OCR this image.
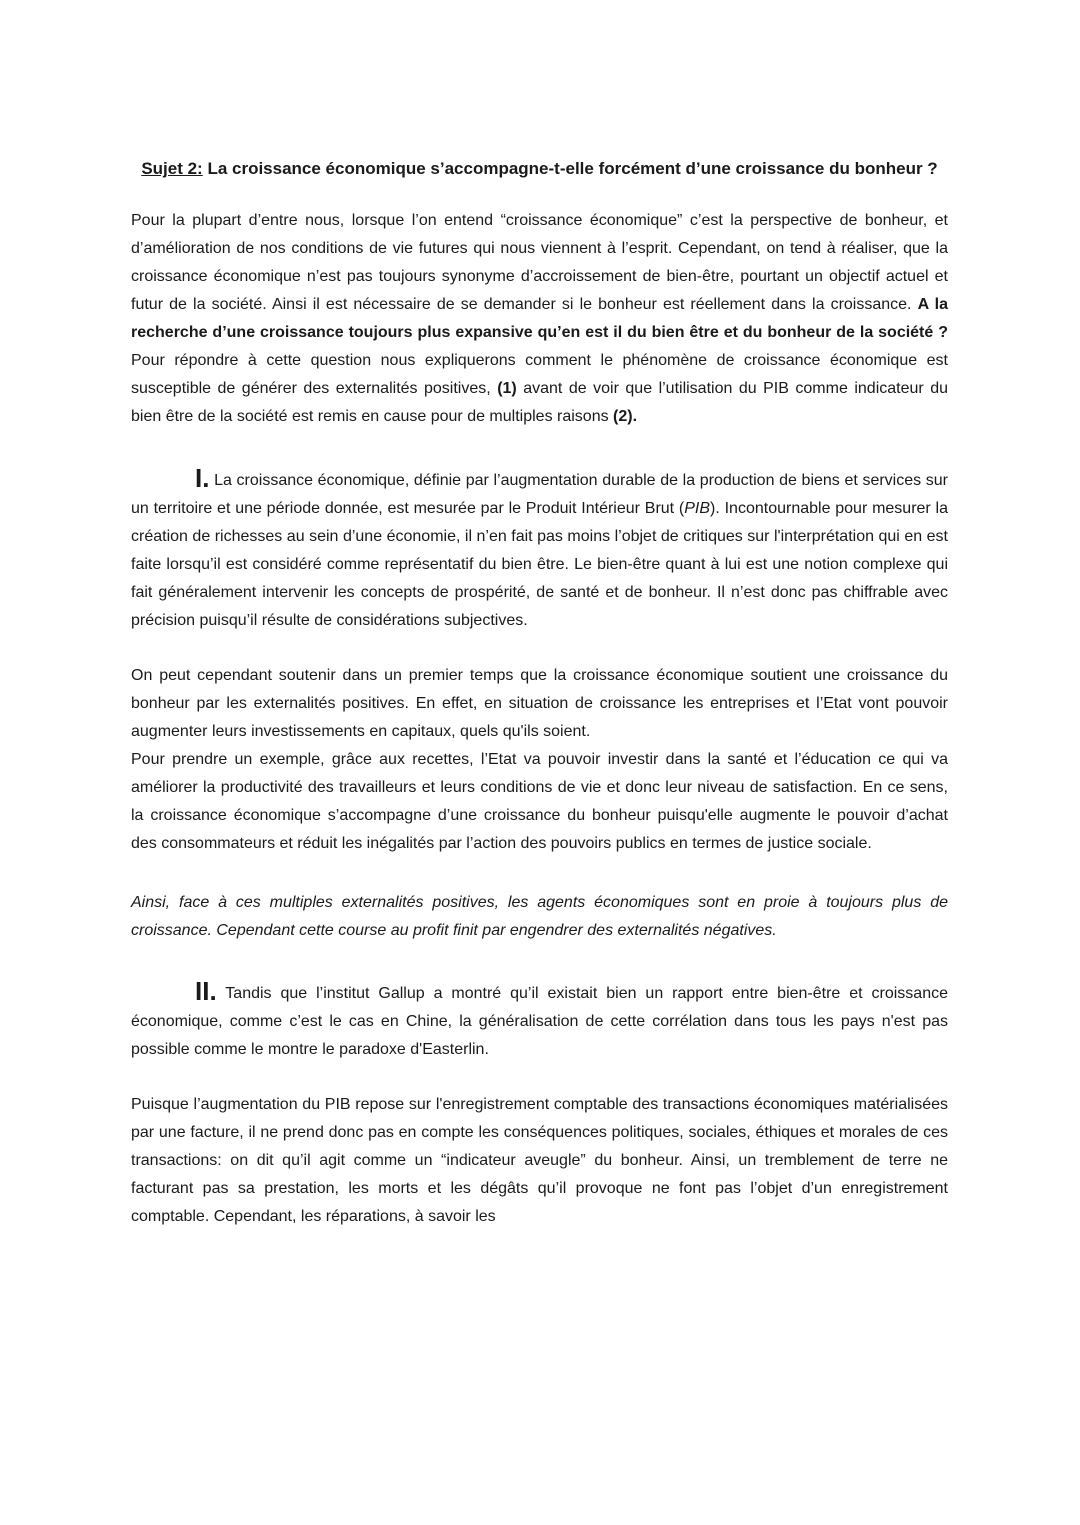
Sujet 2: La croissance économique s’accompagne-t-elle forcément d’une croissance du bonheur ?

Pour la plupart d’entre nous, lorsque l’on entend “croissance économique” c’est la perspective de bonheur, et d’amélioration de nos conditions de vie futures qui nous viennent à l’esprit. Cependant, on tend à réaliser, que la croissance économique n’est pas toujours synonyme d’accroissement de bien-être, pourtant un objectif actuel et futur de la société. Ainsi il est nécessaire de se demander si le bonheur est réellement dans la croissance. A la recherche d’une croissance toujours plus expansive qu’en est il du bien être et du bonheur de la société ? Pour répondre à cette question nous expliquerons comment le phénomène de croissance économique est susceptible de générer des externalités positives, (1) avant de voir que l’utilisation du PIB comme indicateur du bien être de la société est remis en cause pour de multiples raisons (2).

I. La croissance économique, définie par l’augmentation durable de la production de biens et services sur un territoire et une période donnée, est mesurée par le Produit Intérieur Brut (PIB). Incontournable pour mesurer la création de richesses au sein d’une économie, il n’en fait pas moins l’objet de critiques sur l'interprétation qui en est faite lorsqu’il est considéré comme représentatif du bien être. Le bien-être quant à lui est une notion complexe qui fait généralement intervenir les concepts de prospérité, de santé et de bonheur. Il n’est donc pas chiffrable avec précision puisqu’il résulte de considérations subjectives.

On peut cependant soutenir dans un premier temps que la croissance économique soutient une croissance du bonheur par les externalités positives. En effet, en situation de croissance les entreprises et l’Etat vont pouvoir augmenter leurs investissements en capitaux, quels qu'ils soient.

Pour prendre un exemple, grâce aux recettes, l’Etat va pouvoir investir dans la santé et l’éducation ce qui va améliorer la productivité des travailleurs et leurs conditions de vie et donc leur niveau de satisfaction. En ce sens, la croissance économique s’accompagne d’une croissance du bonheur puisqu'elle augmente le pouvoir d’achat des consommateurs et réduit les inégalités par l’action des pouvoirs publics en termes de justice sociale.

Ainsi, face à ces multiples externalités positives, les agents économiques sont en proie à toujours plus de croissance. Cependant cette course au profit finit par engendrer des externalités négatives.

II. Tandis que l’institut Gallup a montré qu’il existait bien un rapport entre bien-être et croissance économique, comme c’est le cas en Chine, la généralisation de cette corrélation dans tous les pays n'est pas possible comme le montre le paradoxe d'Easterlin.

Puisque l’augmentation du PIB repose sur l'enregistrement comptable des transactions économiques matérialisées par une facture, il ne prend donc pas en compte les conséquences politiques, sociales, éthiques et morales de ces transactions: on dit qu’il agit comme un “indicateur aveugle” du bonheur. Ainsi, un tremblement de terre ne facturant pas sa prestation, les morts et les dégâts qu’il provoque ne font pas l’objet d’un enregistrement comptable. Cependant, les réparations, à savoir les
